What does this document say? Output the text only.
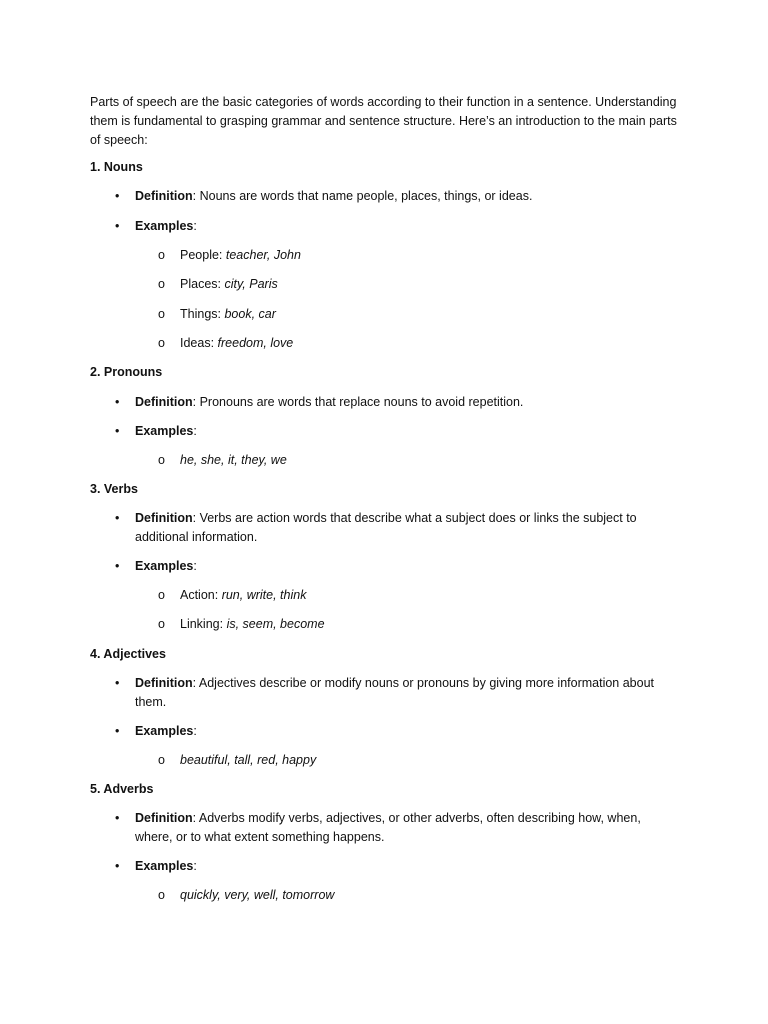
Parts of speech are the basic categories of words according to their function in a sentence. Understanding them is fundamental to grasping grammar and sentence structure. Here’s an introduction to the main parts of speech:

1. Nouns
• Definition: Nouns are words that name people, places, things, or ideas.
• Examples:
o People: teacher, John
o Places: city, Paris
o Things: book, car
o Ideas: freedom, love
2. Pronouns
• Definition: Pronouns are words that replace nouns to avoid repetition.
• Examples:
o he, she, it, they, we
3. Verbs
• Definition: Verbs are action words that describe what a subject does or links the subject to additional information.
• Examples:
o Action: run, write, think
o Linking: is, seem, become
4. Adjectives
• Definition: Adjectives describe or modify nouns or pronouns by giving more information about them.
• Examples:
o beautiful, tall, red, happy
5. Adverbs
• Definition: Adverbs modify verbs, adjectives, or other adverbs, often describing how, when, where, or to what extent something happens.
• Examples:
o quickly, very, well, tomorrow
